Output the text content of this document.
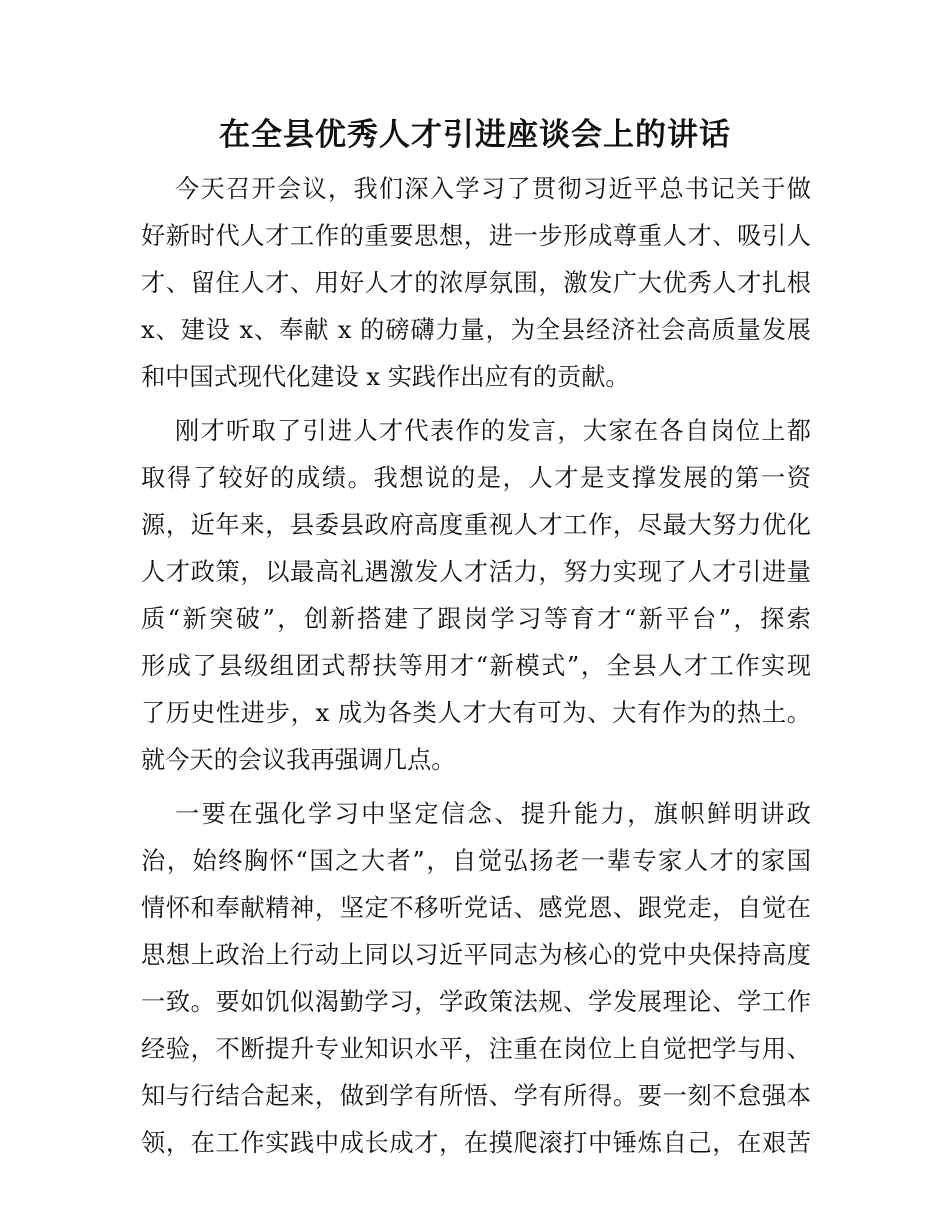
在全县优秀人才引进座谈会上的讲话
今天召开会议，我们深入学习了贯彻习近平总书记关于做
好新时代人才工作的重要思想，进一步形成尊重人才、吸引人
才、留住人才、用好人才的浓厚氛围，激发广大优秀人才扎根
x、建设 x、奉献 x 的磅礴力量，为全县经济社会高质量发展
和中国式现代化建设 x 实践作出应有的贡献。
刚才听取了引进人才代表作的发言，大家在各自岗位上都
取得了较好的成绩。我想说的是，人才是支撑发展的第一资
源，近年来，县委县政府高度重视人才工作，尽最大努力优化
人才政策，以最高礼遇激发人才活力，努力实现了人才引进量
质“新突破”，创新搭建了跟岗学习等育才“新平台”，探索
形成了县级组团式帮扶等用才“新模式”，全县人才工作实现
了历史性进步，x 成为各类人才大有可为、大有作为的热土。
就今天的会议我再强调几点。
一要在强化学习中坚定信念、提升能力，旗帜鲜明讲政
治，始终胸怀“国之大者”，自觉弘扬老一辈专家人才的家国
情怀和奉献精神，坚定不移听党话、感党恩、跟党走，自觉在
思想上政治上行动上同以习近平同志为核心的党中央保持高度
一致。要如饥似渴勤学习，学政策法规、学发展理论、学工作
经验，不断提升专业知识水平，注重在岗位上自觉把学与用、
知与行结合起来，做到学有所悟、学有所得。要一刻不怠强本
领，在工作实践中成长成才，在摸爬滚打中锤炼自己，在艰苦
